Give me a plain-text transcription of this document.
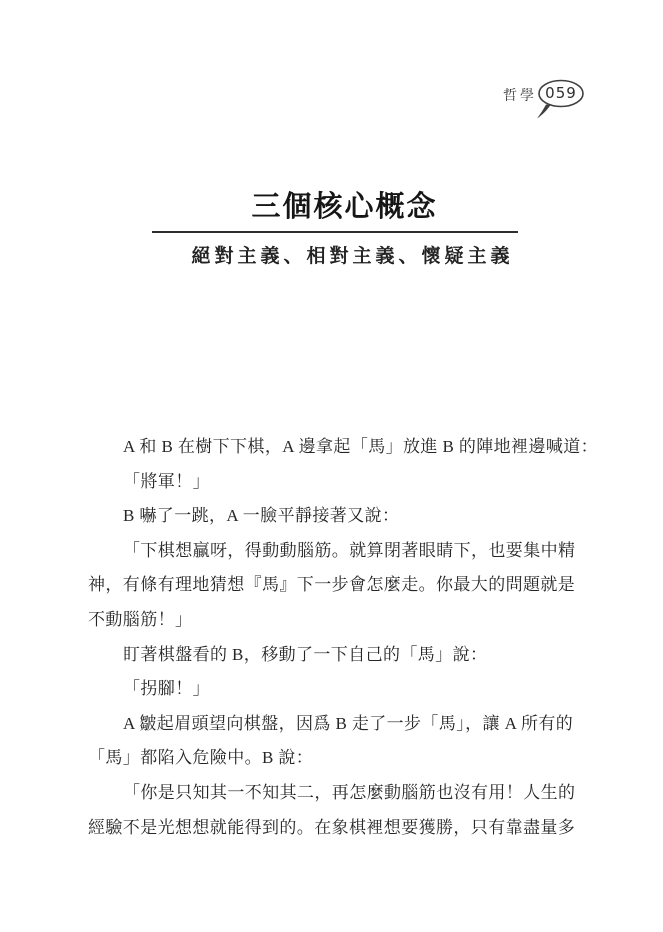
哲學 059
三個核心概念
絕對主義、相對主義、懷疑主義
A 和 B 在樹下下棋，A 邊拿起「馬」放進 B 的陣地裡邊喊道：
「將軍！」
B 嚇了一跳，A 一臉平靜接著又說：
「下棋想贏呀，得動動腦筋。就算閉著眼睛下，也要集中精
神，有條有理地猜想『馬』下一步會怎麼走。你最大的問題就是
不動腦筋！」
盯著棋盤看的 B，移動了一下自己的「馬」說：
「拐腳！」
A 皺起眉頭望向棋盤，因爲 B 走了一步「馬」，讓 A 所有的
「馬」都陷入危險中。B 說：
「你是只知其一不知其二，再怎麼動腦筋也沒有用！人生的
經驗不是光想想就能得到的。在象棋裡想要獲勝，只有靠盡量多
